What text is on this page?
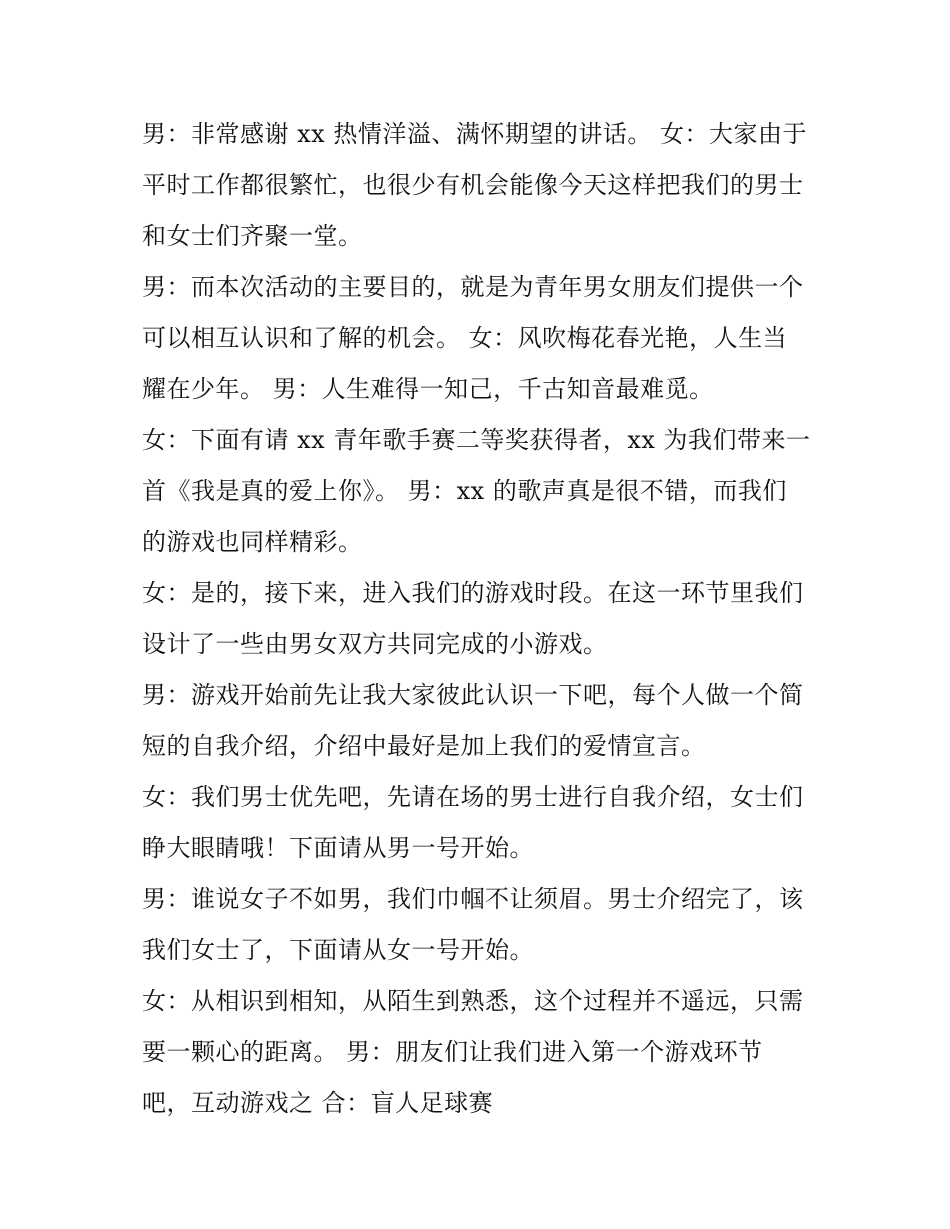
男：非常感谢 xx 热情洋溢、满怀期望的讲话。 女：大家由于
平时工作都很繁忙，也很少有机会能像今天这样把我们的男士
和女士们齐聚一堂。
男：而本次活动的主要目的，就是为青年男女朋友们提供一个
可以相互认识和了解的机会。 女：风吹梅花春光艳，人生当
耀在少年。 男：人生难得一知己，千古知音最难觅。
女：下面有请 xx 青年歌手赛二等奖获得者，xx 为我们带来一
首《我是真的爱上你》。 男：xx 的歌声真是很不错，而我们
的游戏也同样精彩。
女：是的，接下来，进入我们的游戏时段。在这一环节里我们
设计了一些由男女双方共同完成的小游戏。
男：游戏开始前先让我大家彼此认识一下吧，每个人做一个简
短的自我介绍，介绍中最好是加上我们的爱情宣言。
女：我们男士优先吧，先请在场的男士进行自我介绍，女士们
睁大眼睛哦！下面请从男一号开始。
男：谁说女子不如男，我们巾帼不让须眉。男士介绍完了，该
我们女士了，下面请从女一号开始。
女：从相识到相知，从陌生到熟悉，这个过程并不遥远，只需
要一颗心的距离。 男：朋友们让我们进入第一个游戏环节
吧，互动游戏之 合：盲人足球赛
